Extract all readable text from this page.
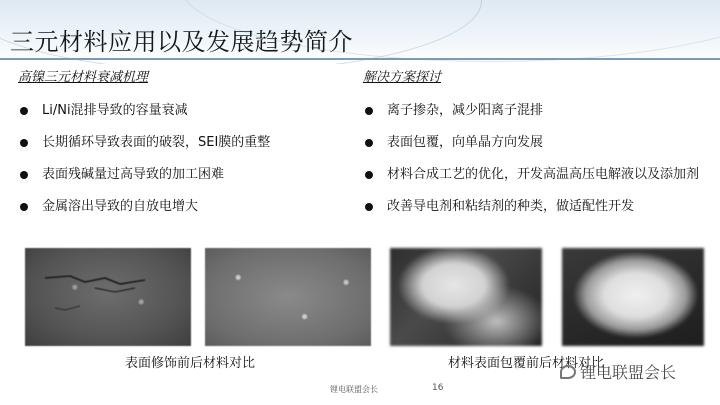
三元材料应用以及发展趋势简介
高镍三元材料衰减机理
Li/Ni混排导致的容量衰减
长期循环导致表面的破裂，SEI膜的重整
表面残碱量过高导致的加工困难
金属溶出导致的自放电增大
解决方案探讨
离子掺杂，减少阳离子混排
表面包覆，向单晶方向发展
材料合成工艺的优化，开发高温高压电解液以及添加剂
改善导电剂和粘结剂的种类，做适配性开发
表面修饰前后材料对比	材料表面包覆前后材料对比
锂电联盟会长	16
锂电联盟会长
